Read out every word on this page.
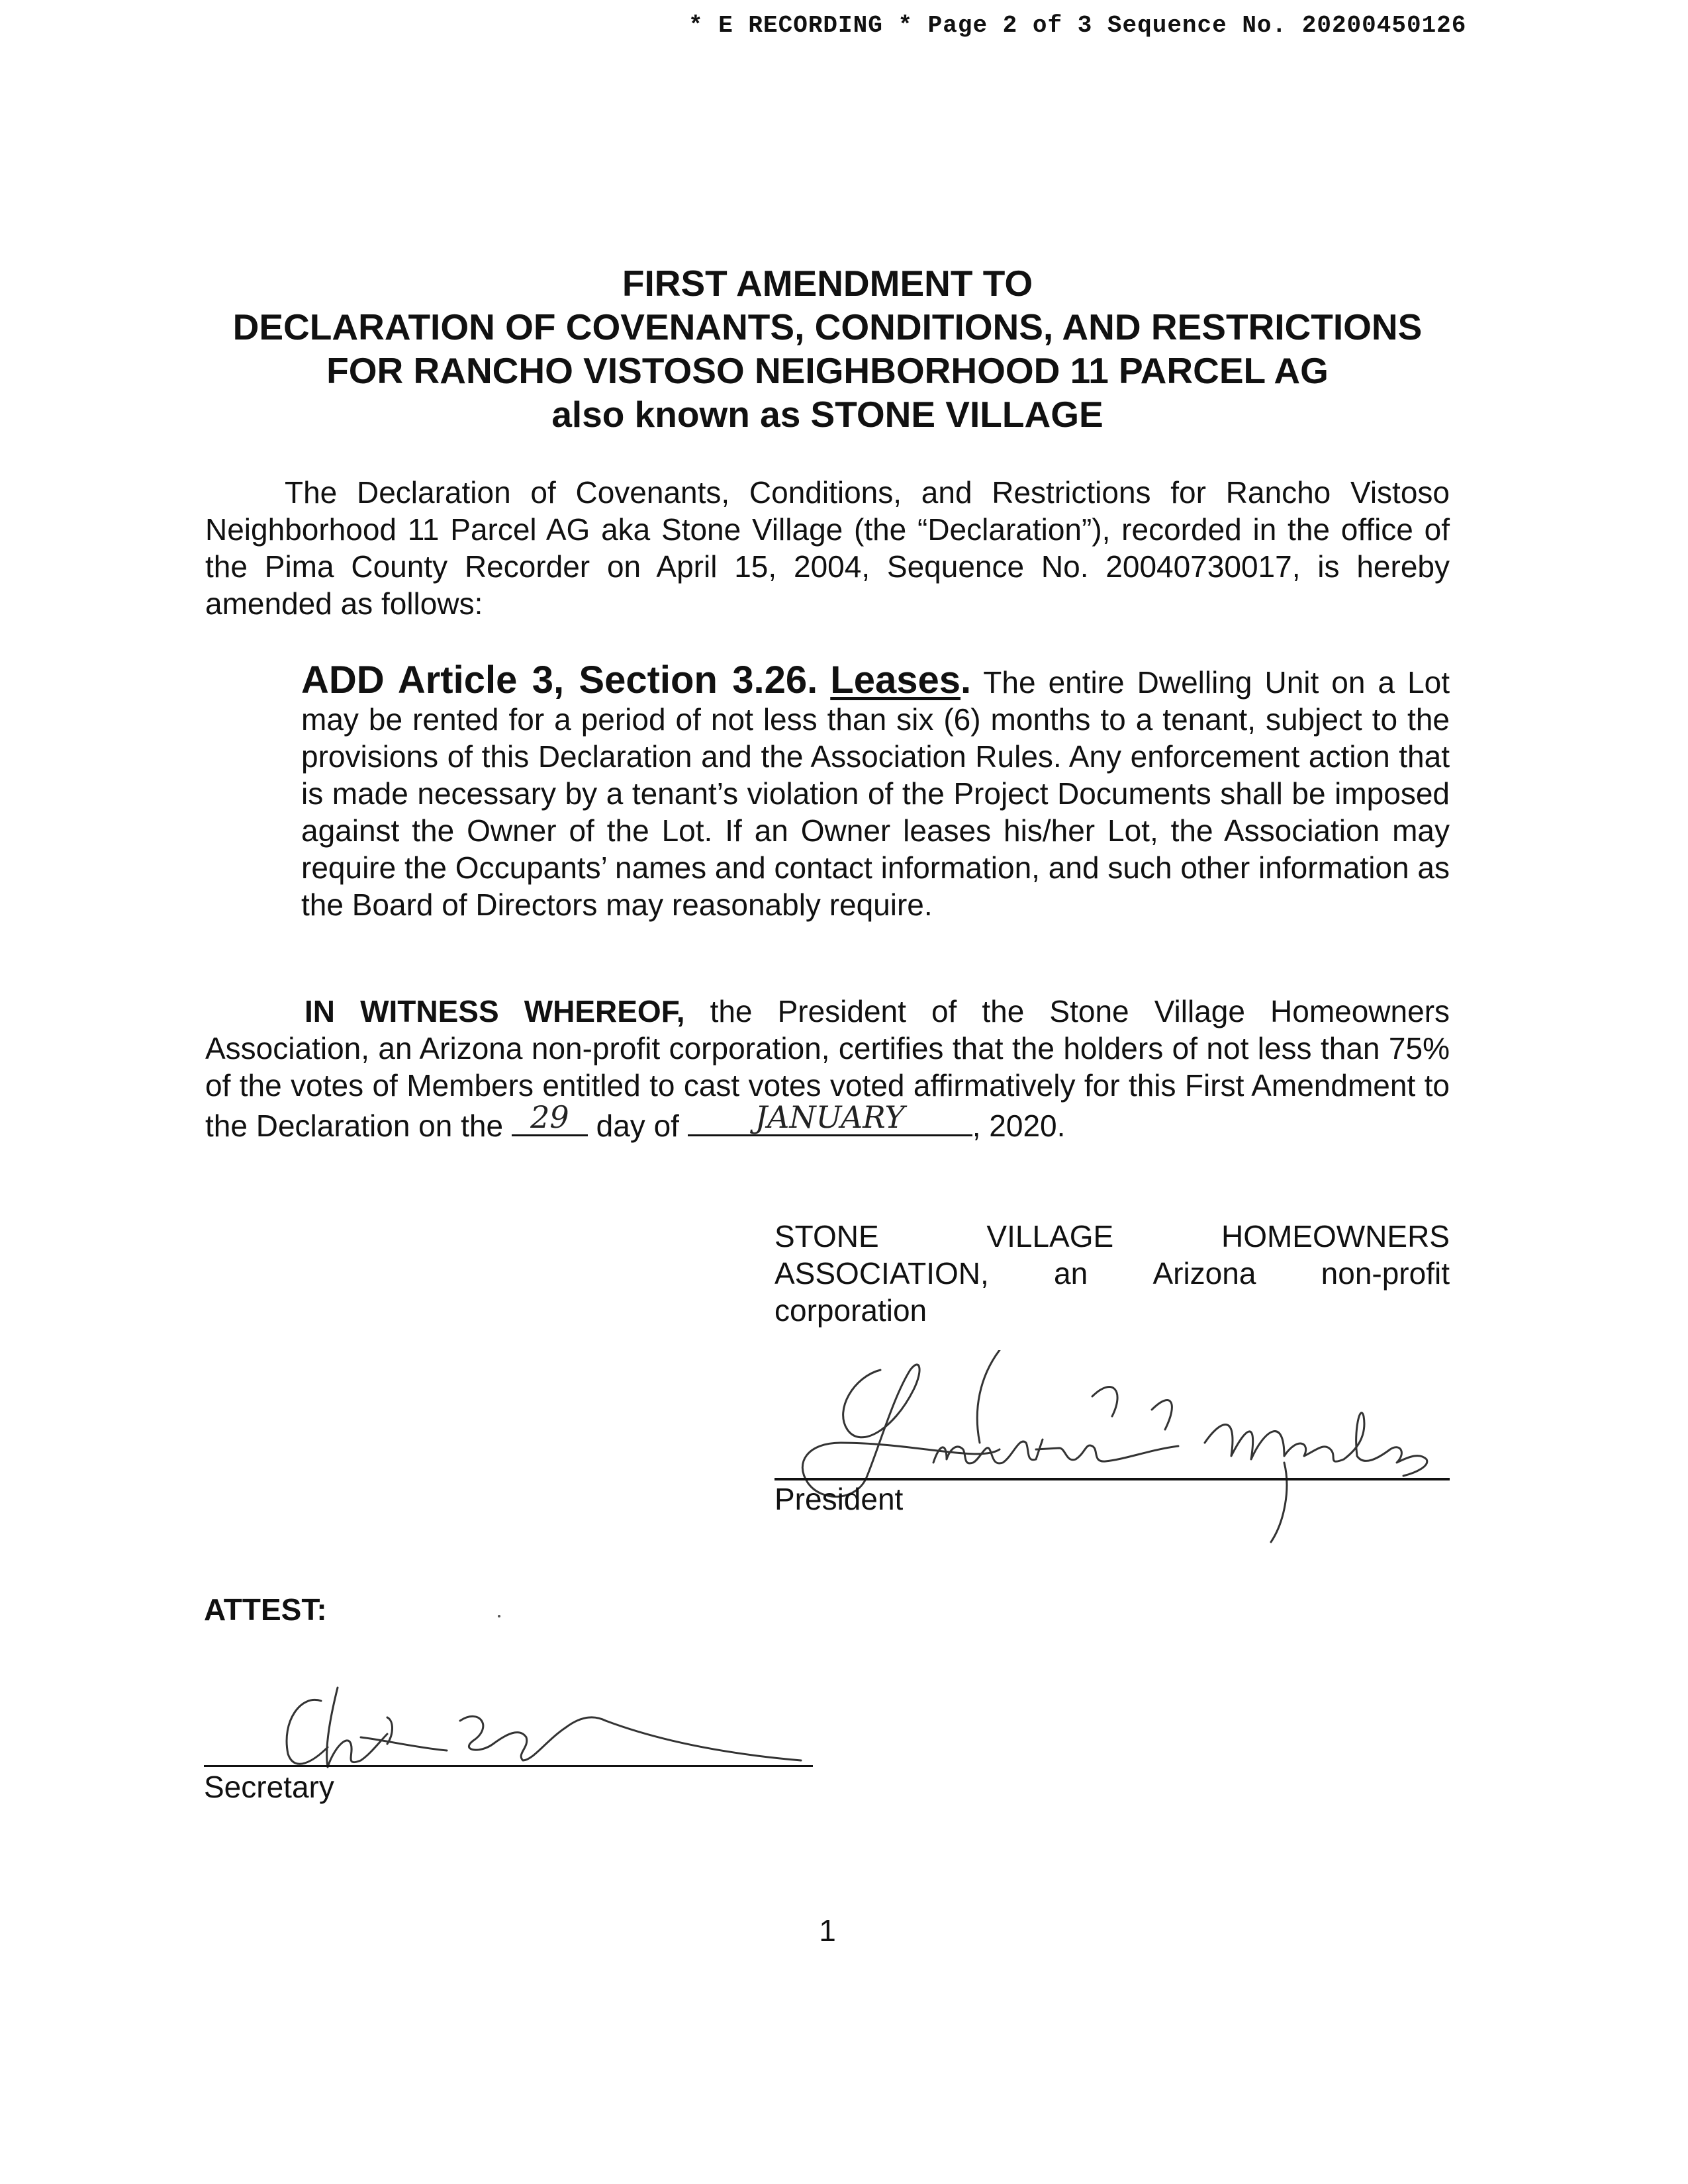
* E RECORDING * Page 2 of 3 Sequence No. 20200450126
FIRST AMENDMENT TO
DECLARATION OF COVENANTS, CONDITIONS, AND RESTRICTIONS
FOR RANCHO VISTOSO NEIGHBORHOOD 11 PARCEL AG
also known as STONE VILLAGE
The Declaration of Covenants, Conditions, and Restrictions for Rancho Vistoso Neighborhood 11 Parcel AG aka Stone Village (the “Declaration”), recorded in the office of the Pima County Recorder on April 15, 2004, Sequence No. 20040730017, is hereby amended as follows:
ADD Article 3, Section 3.26. Leases. The entire Dwelling Unit on a Lot may be rented for a period of not less than six (6) months to a tenant, subject to the provisions of this Declaration and the Association Rules. Any enforcement action that is made necessary by a tenant’s violation of the Project Documents shall be imposed against the Owner of the Lot. If an Owner leases his/her Lot, the Association may require the Occupants’ names and contact information, and such other information as the Board of Directors may reasonably require.
IN WITNESS WHEREOF, the President of the Stone Village Homeowners Association, an Arizona non-profit corporation, certifies that the holders of not less than 75% of the votes of Members entitled to cast votes voted affirmatively for this First Amendment to the Declaration on the 29 day of	JANUARY	, 2020.
STONE	VILLAGE	HOMEOWNERS
ASSOCIATION, an Arizona non-profit
corporation
President
ATTEST:
Secretary
1
